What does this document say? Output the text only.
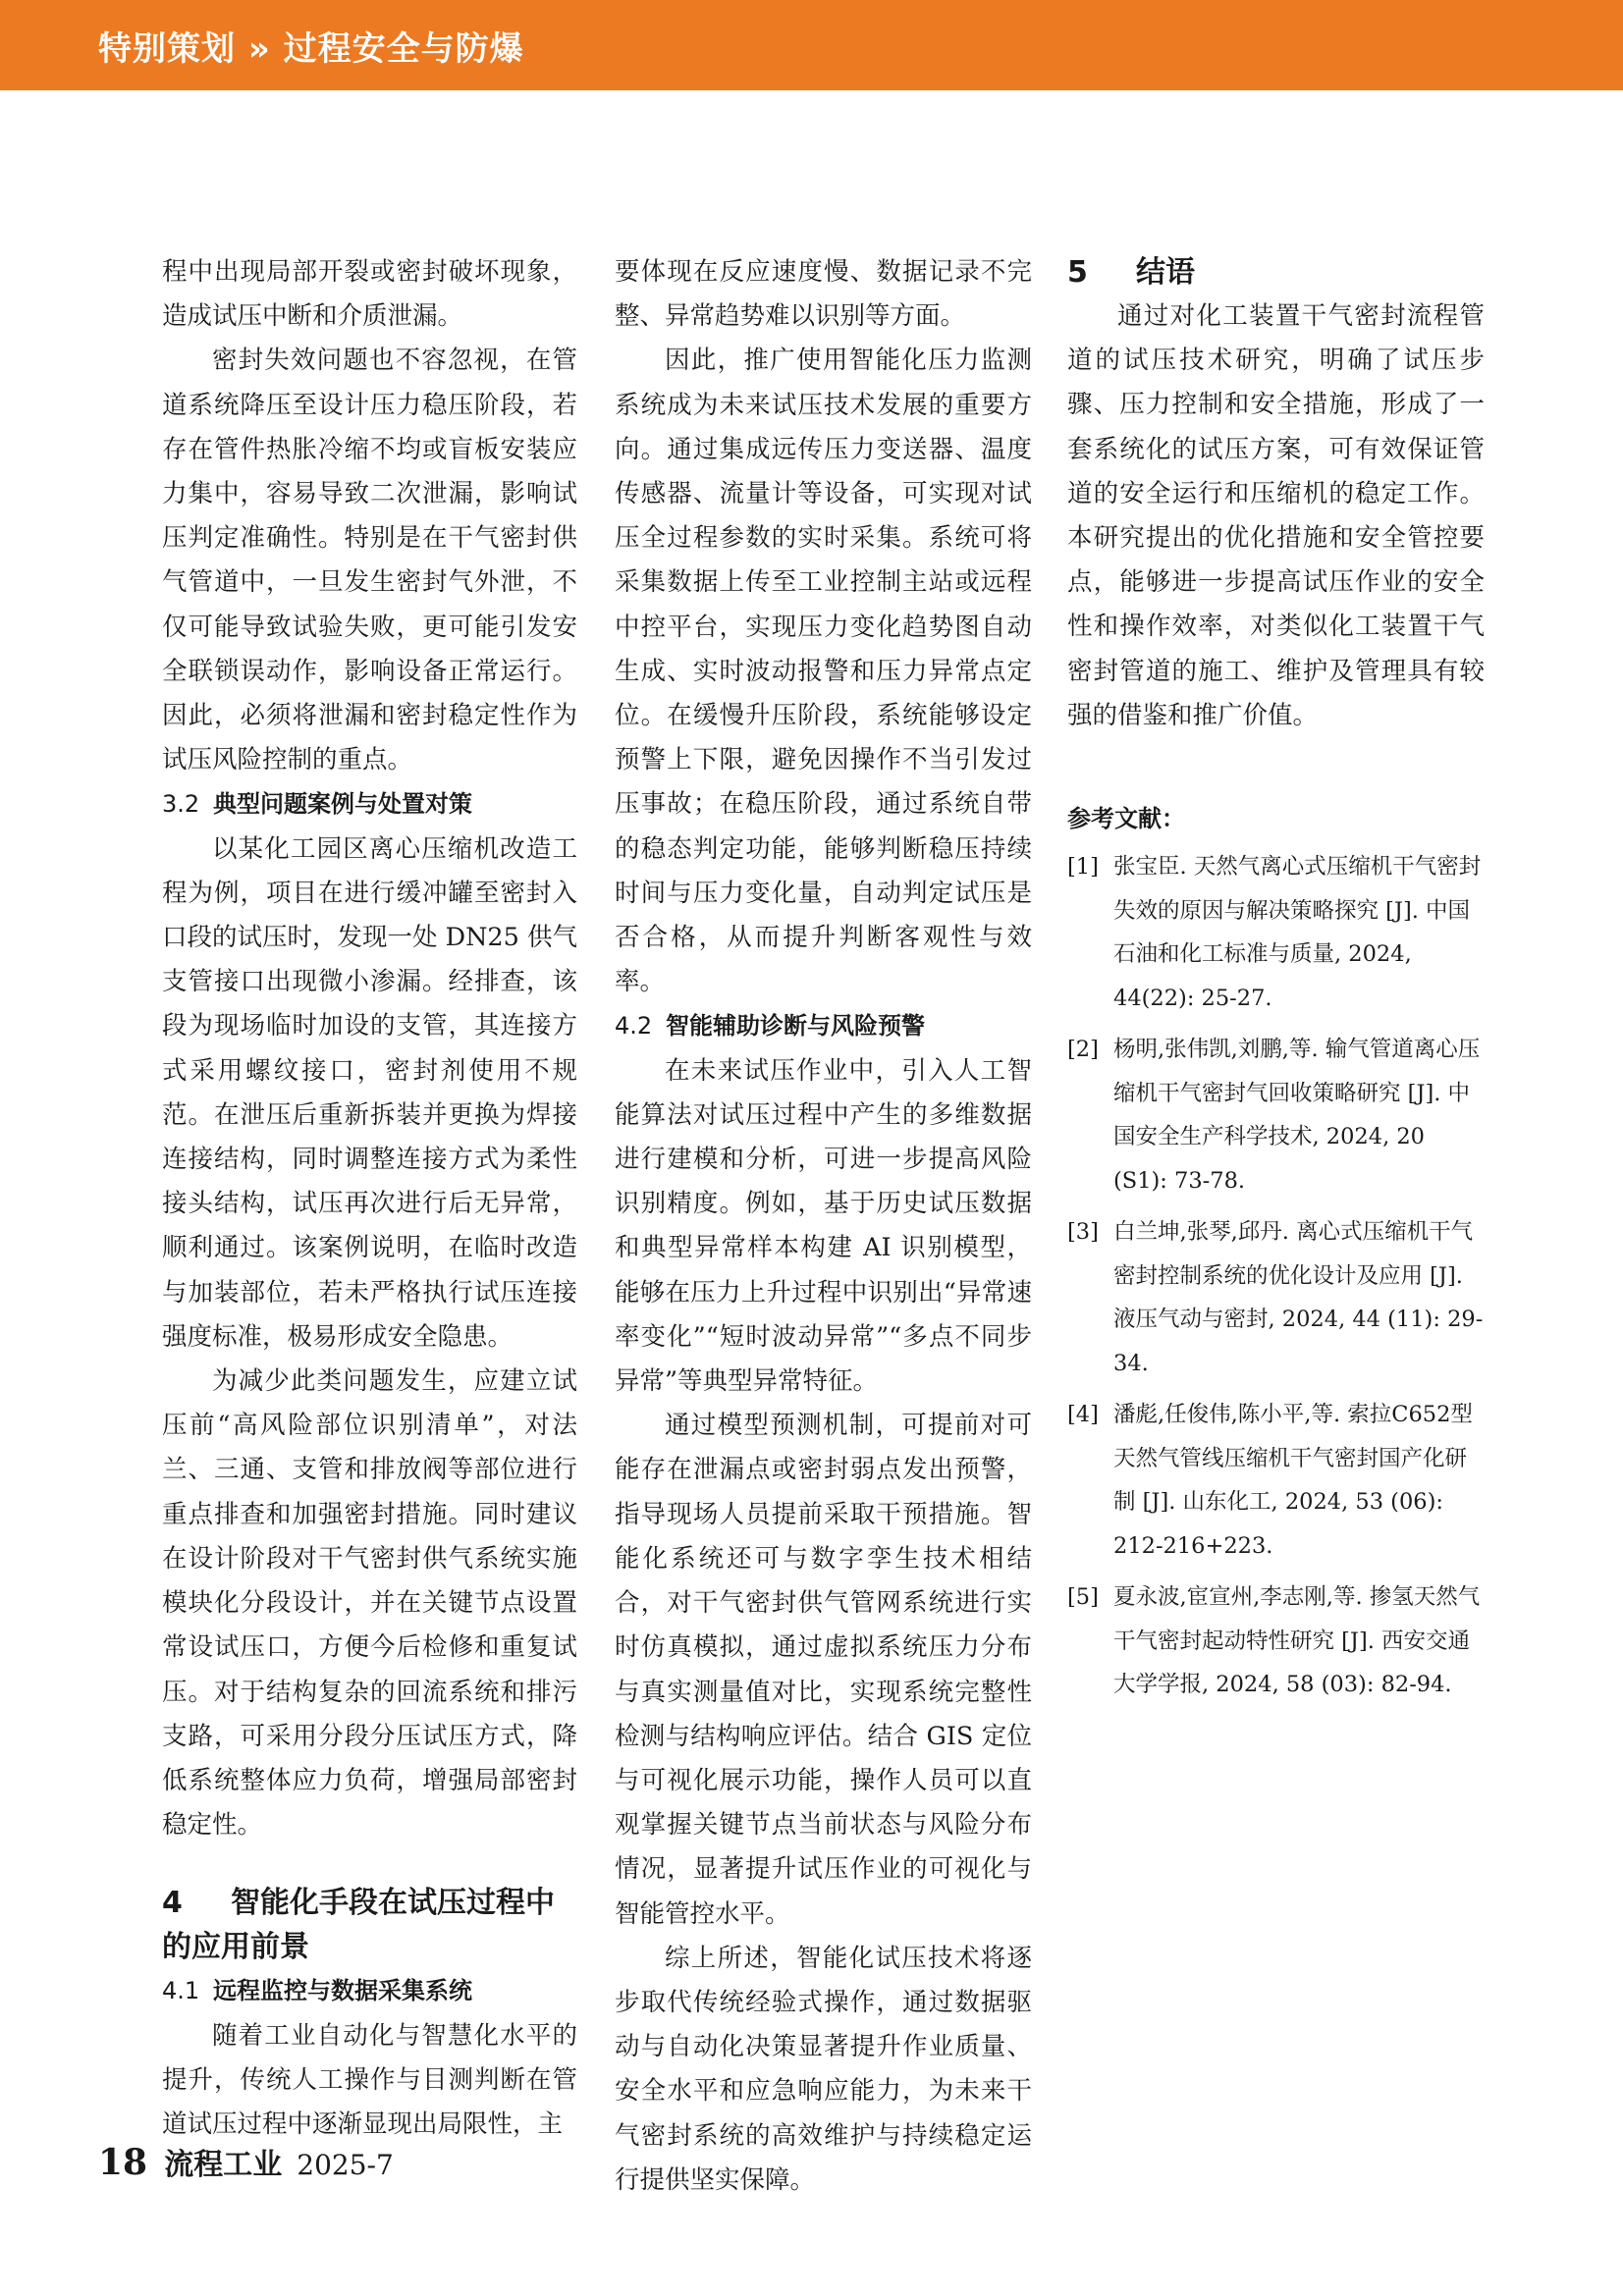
特别策划 » 过程安全与防爆

程中出现局部开裂或密封破坏现象，造成试压中断和介质泄漏。

密封失效问题也不容忽视，在管道系统降压至设计压力稳压阶段，若存在管件热胀冷缩不均或盲板安装应力集中，容易导致二次泄漏，影响试压判定准确性。特别是在干气密封供气管道中，一旦发生密封气外泄，不仅可能导致试验失败，更可能引发安全联锁误动作，影响设备正常运行。因此，必须将泄漏和密封稳定性作为试压风险控制的重点。

3.2 典型问题案例与处置对策

以某化工园区离心压缩机改造工程为例，项目在进行缓冲罐至密封入口段的试压时，发现一处 DN25 供气支管接口出现微小渗漏。经排查，该段为现场临时加设的支管，其连接方式采用螺纹接口，密封剂使用不规范。在泄压后重新拆装并更换为焊接连接结构，同时调整连接方式为柔性接头结构，试压再次进行后无异常，顺利通过。该案例说明，在临时改造与加装部位，若未严格执行试压连接强度标准，极易形成安全隐患。

为减少此类问题发生，应建立试压前“高风险部位识别清单”，对法兰、三通、支管和排放阀等部位进行重点排查和加强密封措施。同时建议在设计阶段对干气密封供气系统实施模块化分段设计，并在关键节点设置常设试压口，方便今后检修和重复试压。对于结构复杂的回流系统和排污支路，可采用分段分压试压方式，降低系统整体应力负荷，增强局部密封稳定性。

4 智能化手段在试压过程中的应用前景
4.1 远程监控与数据采集系统

随着工业自动化与智慧化水平的提升，传统人工操作与目测判断在管道试压过程中逐渐显现出局限性，主

要体现在反应速度慢、数据记录不完整、异常趋势难以识别等方面。

因此，推广使用智能化压力监测系统成为未来试压技术发展的重要方向。通过集成远传压力变送器、温度传感器、流量计等设备，可实现对试压全过程参数的实时采集。系统可将采集数据上传至工业控制主站或远程中控平台，实现压力变化趋势图自动生成、实时波动报警和压力异常点定位。在缓慢升压阶段，系统能够设定预警上下限，避免因操作不当引发过压事故；在稳压阶段，通过系统自带的稳态判定功能，能够判断稳压持续时间与压力变化量，自动判定试压是否合格，从而提升判断客观性与效率。

4.2 智能辅助诊断与风险预警

在未来试压作业中，引入人工智能算法对试压过程中产生的多维数据进行建模和分析，可进一步提高风险识别精度。例如，基于历史试压数据和典型异常样本构建 AI 识别模型，能够在压力上升过程中识别出“异常速率变化”“短时波动异常”“多点不同步异常”等典型异常特征。

通过模型预测机制，可提前对可能存在泄漏点或密封弱点发出预警，指导现场人员提前采取干预措施。智能化系统还可与数字孪生技术相结合，对干气密封供气管网系统进行实时仿真模拟，通过虚拟系统压力分布与真实测量值对比，实现系统完整性检测与结构响应评估。结合 GIS 定位与可视化展示功能，操作人员可以直观掌握关键节点当前状态与风险分布情况，显著提升试压作业的可视化与智能管控水平。

综上所述，智能化试压技术将逐步取代传统经验式操作，通过数据驱动与自动化决策显著提升作业质量、安全水平和应急响应能力，为未来干气密封系统的高效维护与持续稳定运行提供坚实保障。

5 结语

通过对化工装置干气密封流程管道的试压技术研究，明确了试压步骤、压力控制和安全措施，形成了一套系统化的试压方案，可有效保证管道的安全运行和压缩机的稳定工作。本研究提出的优化措施和安全管控要点，能够进一步提高试压作业的安全性和操作效率，对类似化工装置干气密封管道的施工、维护及管理具有较强的借鉴和推广价值。

参考文献：
[1] 张宝臣. 天然气离心式压缩机干气密封失效的原因与解决策略探究 [J]. 中国石油和化工标准与质量, 2024, 44(22): 25-27.
[2] 杨明,张伟凯,刘鹏,等. 输气管道离心压缩机干气密封气回收策略研究 [J]. 中国安全生产科学技术, 2024, 20 (S1): 73-78.
[3] 白兰坤,张琴,邱丹. 离心式压缩机干气密封控制系统的优化设计及应用 [J]. 液压气动与密封, 2024, 44 (11): 29-34.
[4] 潘彪,任俊伟,陈小平,等. 索拉C652型天然气管线压缩机干气密封国产化研制 [J]. 山东化工, 2024, 53 (06): 212-216+223.
[5] 夏永波,宦宣州,李志刚,等. 掺氢天然气干气密封起动特性研究 [J]. 西安交通大学学报, 2024, 58 (03): 82-94.
18 流程工业 2025-7
